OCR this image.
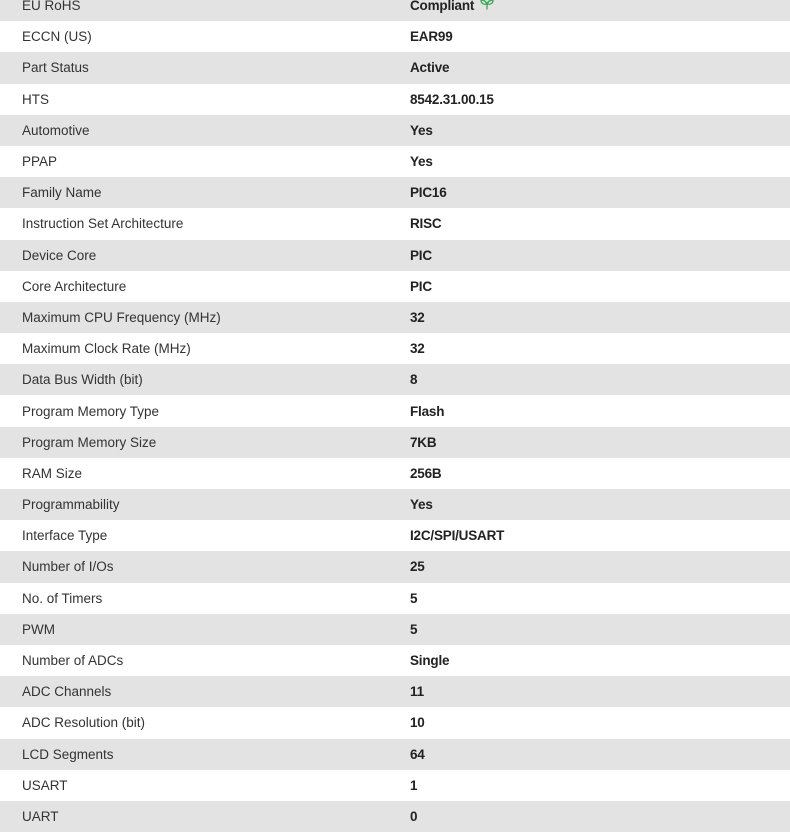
EU RoHS	Compliant
ECCN (US)	EAR99
Part Status	Active
HTS	8542.31.00.15
Automotive	Yes
PPAP	Yes
Family Name	PIC16
Instruction Set Architecture	RISC
Device Core	PIC
Core Architecture	PIC
Maximum CPU Frequency (MHz)	32
Maximum Clock Rate (MHz)	32
Data Bus Width (bit)	8
Program Memory Type	Flash
Program Memory Size	7KB
RAM Size	256B
Programmability	Yes
Interface Type	I2C/SPI/USART
Number of I/Os	25
No. of Timers	5
PWM	5
Number of ADCs	Single
ADC Channels	11
ADC Resolution (bit)	10
LCD Segments	64
USART	1
UART	0
